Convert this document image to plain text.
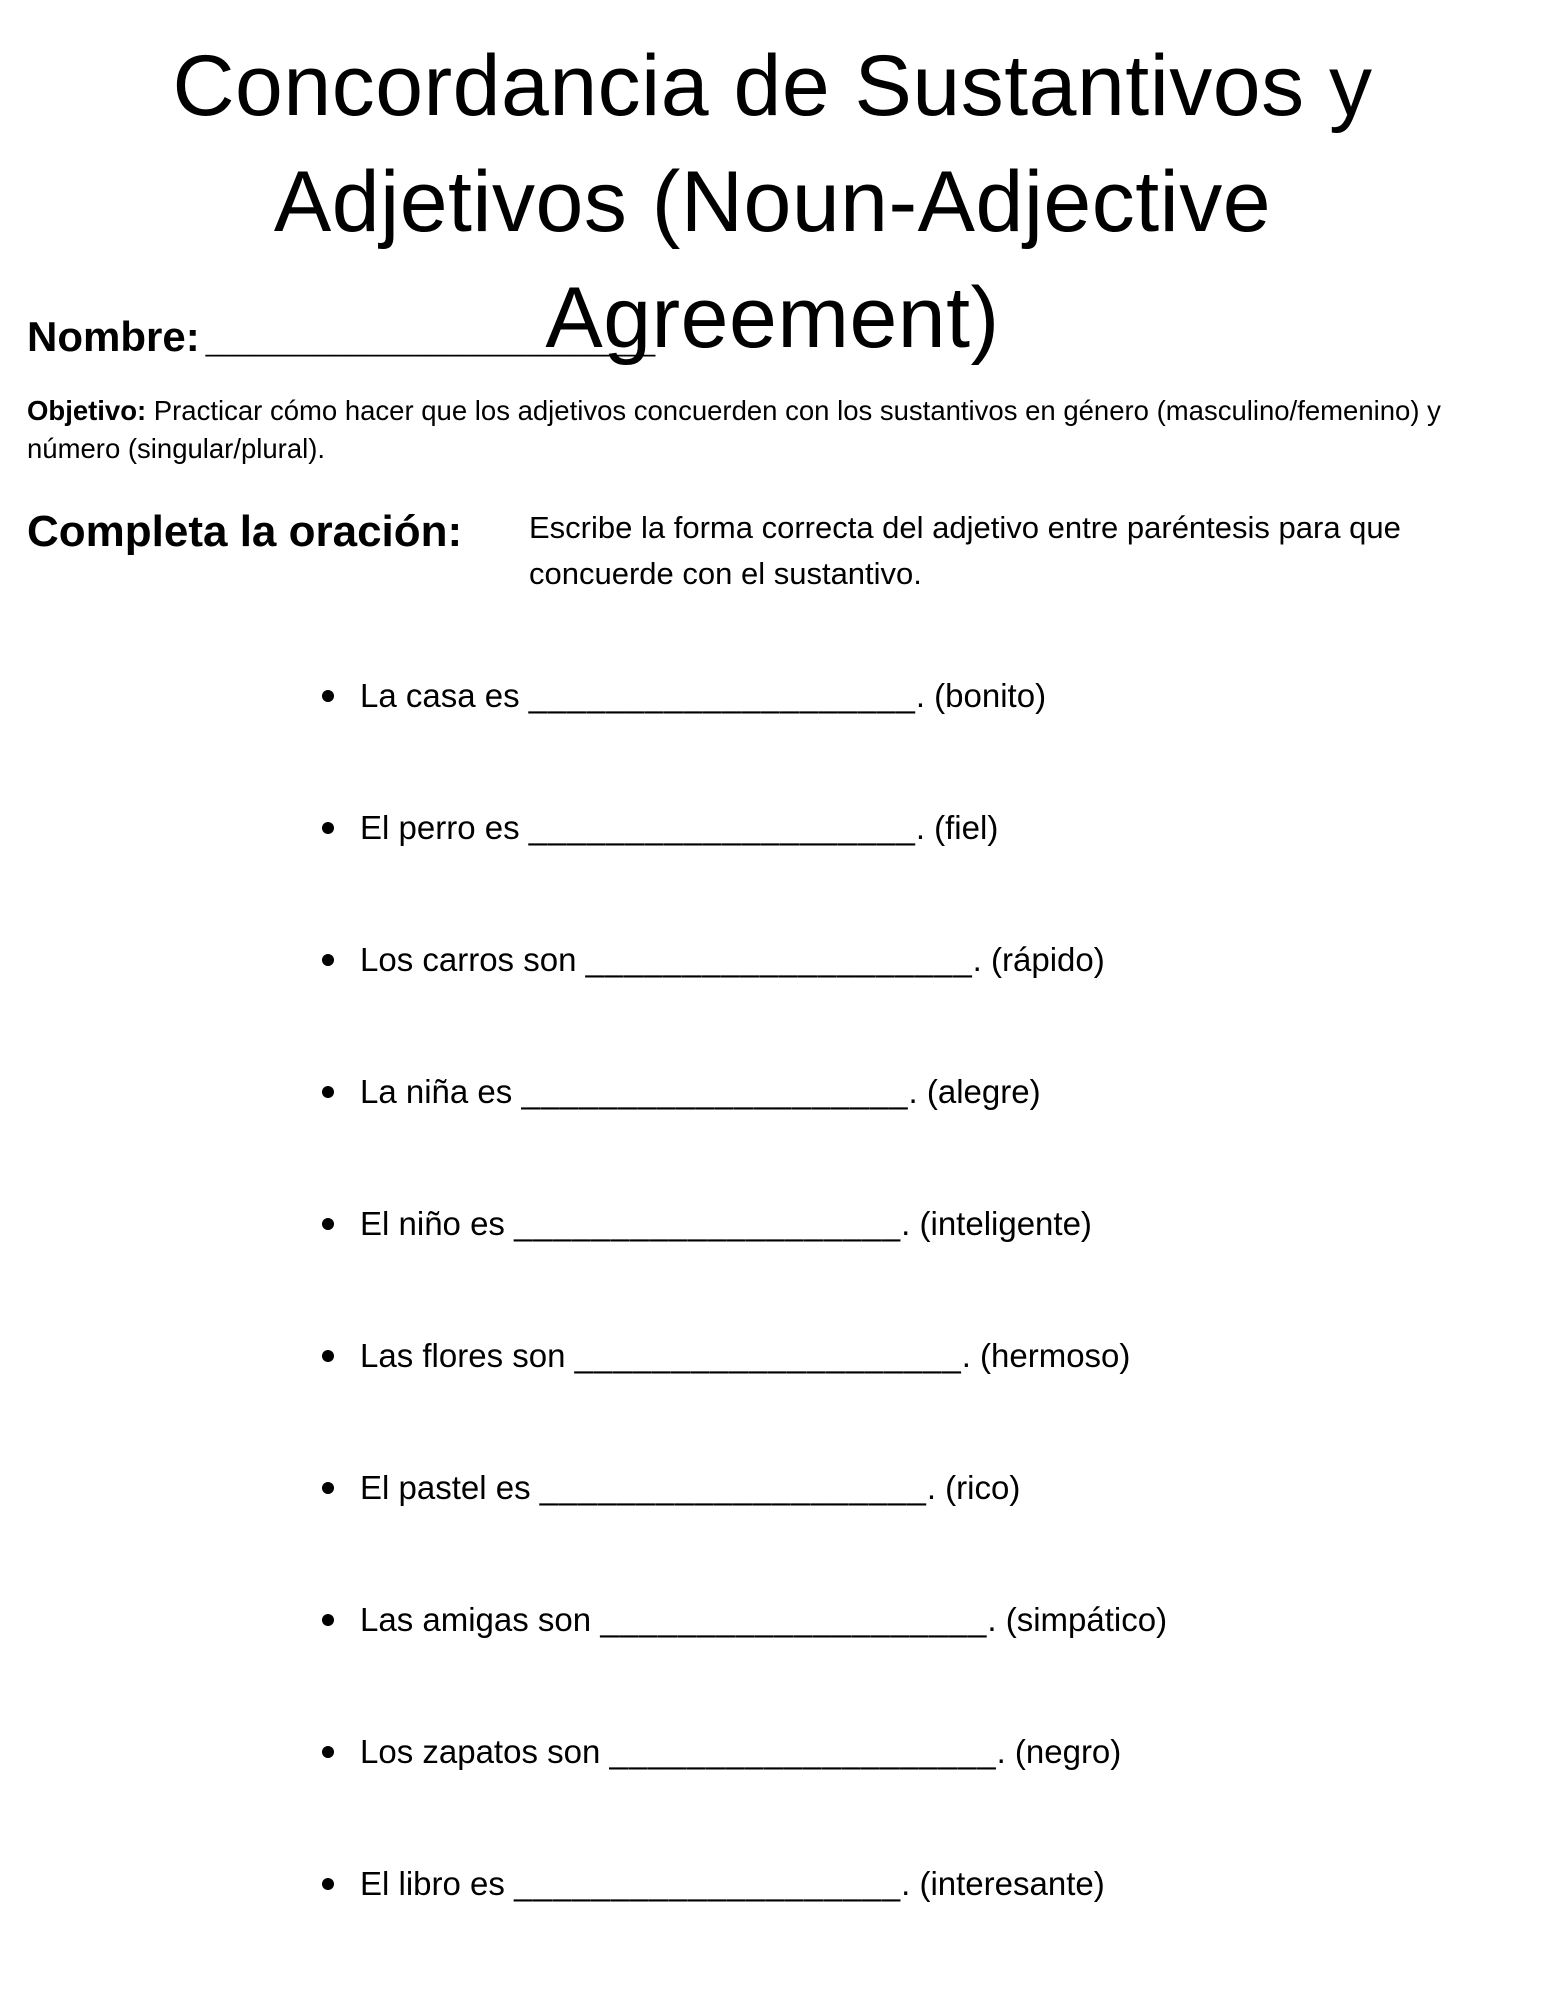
Concordancia de Sustantivos y Adjetivos (Noun-Adjective Agreement)
Nombre: ____________________________
Objetivo: Practicar cómo hacer que los adjetivos concuerden con los sustantivos en género (masculino/femenino) y número (singular/plural).
Completa la oración: Escribe la forma correcta del adjetivo entre paréntesis para que concuerde con el sustantivo.
La casa es ____________________. (bonito)
El perro es ____________________. (fiel)
Los carros son ____________________. (rápido)
La niña es ____________________. (alegre)
El niño es ____________________. (inteligente)
Las flores son ____________________. (hermoso)
El pastel es ____________________. (rico)
Las amigas son ____________________. (simpático)
Los zapatos son ____________________. (negro)
El libro es ____________________. (interesante)
